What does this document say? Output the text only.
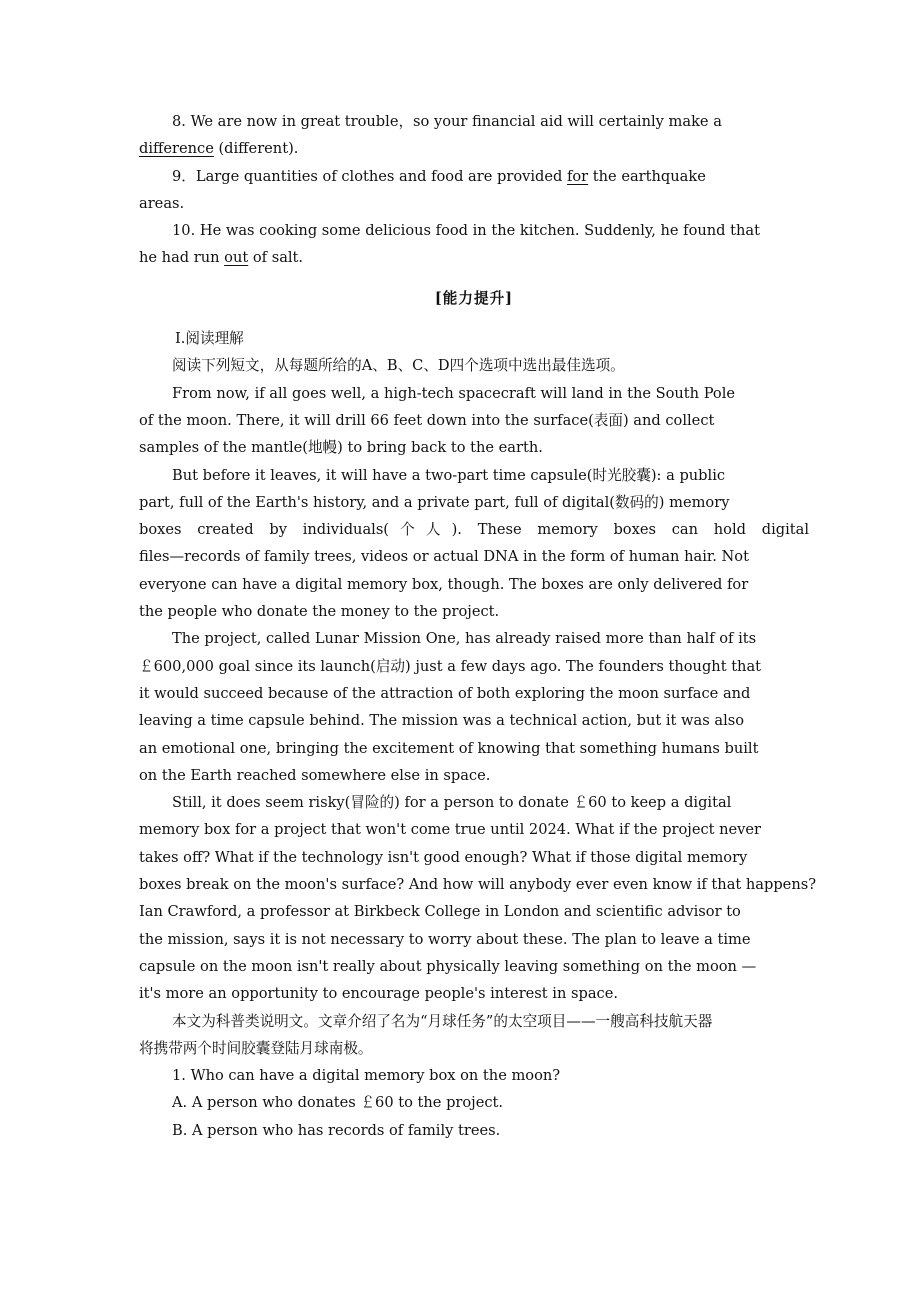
8. We are now in great trouble，so your financial aid will certainly make a
difference (different).
9．Large quantities of clothes and food are provided for the earthquake
areas.
10. He was cooking some delicious food in the kitchen. Suddenly, he found that
he had run out of salt.
[能力提升]
Ⅰ.阅读理解
阅读下列短文，从每题所给的A、B、C、D四个选项中选出最佳选项。
From now, if all goes well, a high-tech spacecraft will land in the South Pole
of the moon. There, it will drill 66 feet down into the surface(表面) and collect
samples of the mantle(地幔) to bring back to the earth.
But before it leaves, it will have a two-part time capsule(时光胶囊): a public
part, full of the Earth's history, and a private part, full of digital(数码的) memory
boxes created by individuals(个人). These memory boxes can hold digital
files—records of family trees, videos or actual DNA in the form of human hair. Not
everyone can have a digital memory box, though. The boxes are only delivered for
the people who donate the money to the project.
The project, called Lunar Mission One, has already raised more than half of its
￡600,000 goal since its launch(启动) just a few days ago. The founders thought that
it would succeed because of the attraction of both exploring the moon surface and
leaving a time capsule behind. The mission was a technical action, but it was also
an emotional one, bringing the excitement of knowing that something humans built
on the Earth reached somewhere else in space.
Still, it does seem risky(冒险的) for a person to donate ￡60 to keep a digital
memory box for a project that won't come true until 2024. What if the project never
takes off? What if the technology isn't good enough? What if those digital memory
boxes break on the moon's surface? And how will anybody ever even know if that happens?
Ian Crawford, a professor at Birkbeck College in London and scientific advisor to
the mission, says it is not necessary to worry about these. The plan to leave a time
capsule on the moon isn't really about physically leaving something on the moon —
it's more an opportunity to encourage people's interest in space.
本文为科普类说明文。文章介绍了名为“月球任务”的太空项目——一艘高科技航天器
将携带两个时间胶囊登陆月球南极。
1. Who can have a digital memory box on the moon?
A. A person who donates ￡60 to the project.
B. A person who has records of family trees.
